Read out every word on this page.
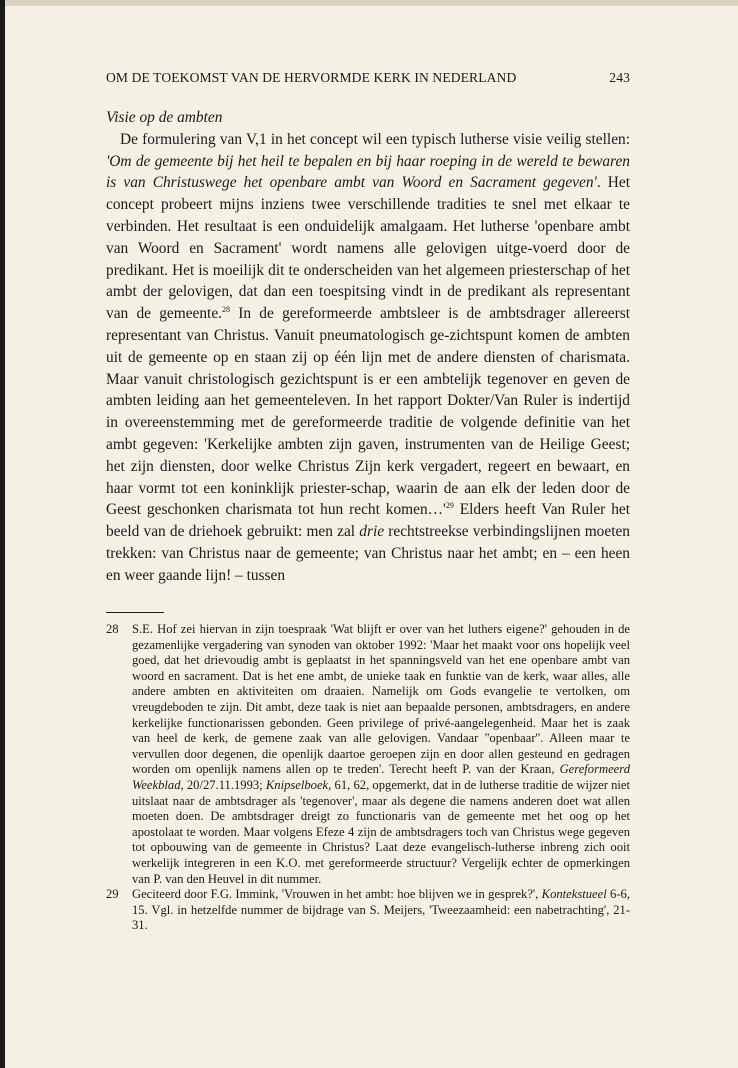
OM DE TOEKOMST VAN DE HERVORMDE KERK IN NEDERLAND	243

Visie op de ambten

De formulering van V,1 in het concept wil een typisch lutherse visie veilig stellen: 'Om de gemeente bij het heil te bepalen en bij haar roeping in de wereld te bewaren is van Christuswege het openbare ambt van Woord en Sacrament gegeven'. Het concept probeert mijns inziens twee verschillende tradities te snel met elkaar te verbinden. Het resultaat is een onduidelijk amalgaam. Het lutherse 'openbare ambt van Woord en Sacrament' wordt namens alle gelovigen uitge-voerd door de predikant. Het is moeilijk dit te onderscheiden van het algemeen priesterschap of het ambt der gelovigen, dat dan een toespitsing vindt in de predikant als representant van de gemeente.$^{28}$ In de gereformeerde ambtsleer is de ambtsdrager allereerst representant van Christus. Vanuit pneumatologisch ge-zichtspunt komen de ambten uit de gemeente op en staan zij op één lijn met de andere diensten of charismata. Maar vanuit christologisch gezichtspunt is er een ambtelijk tegenover en geven de ambten leiding aan het gemeenteleven. In het rapport Dokter/Van Ruler is indertijd in overeenstemming met de gereformeerde traditie de volgende definitie van het ambt gegeven: 'Kerkelijke ambten zijn gaven, instrumenten van de Heilige Geest; het zijn diensten, door welke Christus Zijn kerk vergadert, regeert en bewaart, en haar vormt tot een koninklijk priester-schap, waarin de aan elk der leden door de Geest geschonken charismata tot hun recht $komen\dots'^{29}$ Elders heeft Van Ruler het beeld van de driehoek gebruikt: men zal drie rechtstreekse verbindingslijnen moeten trekken: van Christus naar de gemeente; van Christus naar het ambt; en – een heen en weer gaande lijn! – tussen

28	S.E. Hof zei hiervan in zijn toespraak 'Wat blijft er over van het luthers eigene?' gehouden in de gezamenlijke vergadering van synoden van oktober 1992: 'Maar het maakt voor ons hopelijk veel goed, dat het drievoudig ambt is geplaatst in het spanningsveld van het ene openbare ambt van woord en sacrament. Dat is het ene ambt, de unieke taak en funktie van de kerk, waar alles, alle andere ambten en aktiviteiten om draaien. Namelijk om Gods evangelie te vertolken, om vreugdeboden te zijn. Dit ambt, deze taak is niet aan bepaalde personen, ambtsdragers, en andere kerkelijke functionarissen gebonden. Geen privilege of privé-aangelegenheid. Maar het is zaak van heel de kerk, de gemene zaak van alle gelovigen. Vandaar ''openbaar''. Alleen maar te vervullen door degenen, die openlijk daartoe geroepen zijn en door allen gesteund en gedragen worden om openlijk namens allen op te treden'. Terecht heeft P. van der Kraan, Gereformeerd Weekblad, 20/27.11.1993; Knipselboek, 61, 62, opgemerkt, dat in de lutherse traditie de wijzer niet uitslaat naar de ambtsdrager als 'tegenover', maar als degene die namens anderen doet wat allen moeten doen. De ambtsdrager dreigt zo functionaris van de gemeente met het oog op het apostolaat te worden. Maar volgens Efeze 4 zijn de ambtsdragers toch van Christus wege gegeven tot opbouwing van de gemeente in Christus? Laat deze evangelisch-lutherse inbreng zich ooit werkelijk integreren in een K.O. met gereformeerde structuur? Vergelijk echter de opmerkingen van P. van den Heuvel in dit nummer.
29	Geciteerd door F.G. Immink, 'Vrouwen in het ambt: hoe blijven we in gesprek?', Kontekstueel 6-6, 15. Vgl. in hetzelfde nummer de bijdrage van S. Meijers, 'Tweezaamheid: een nabetrachting', 21-31.
